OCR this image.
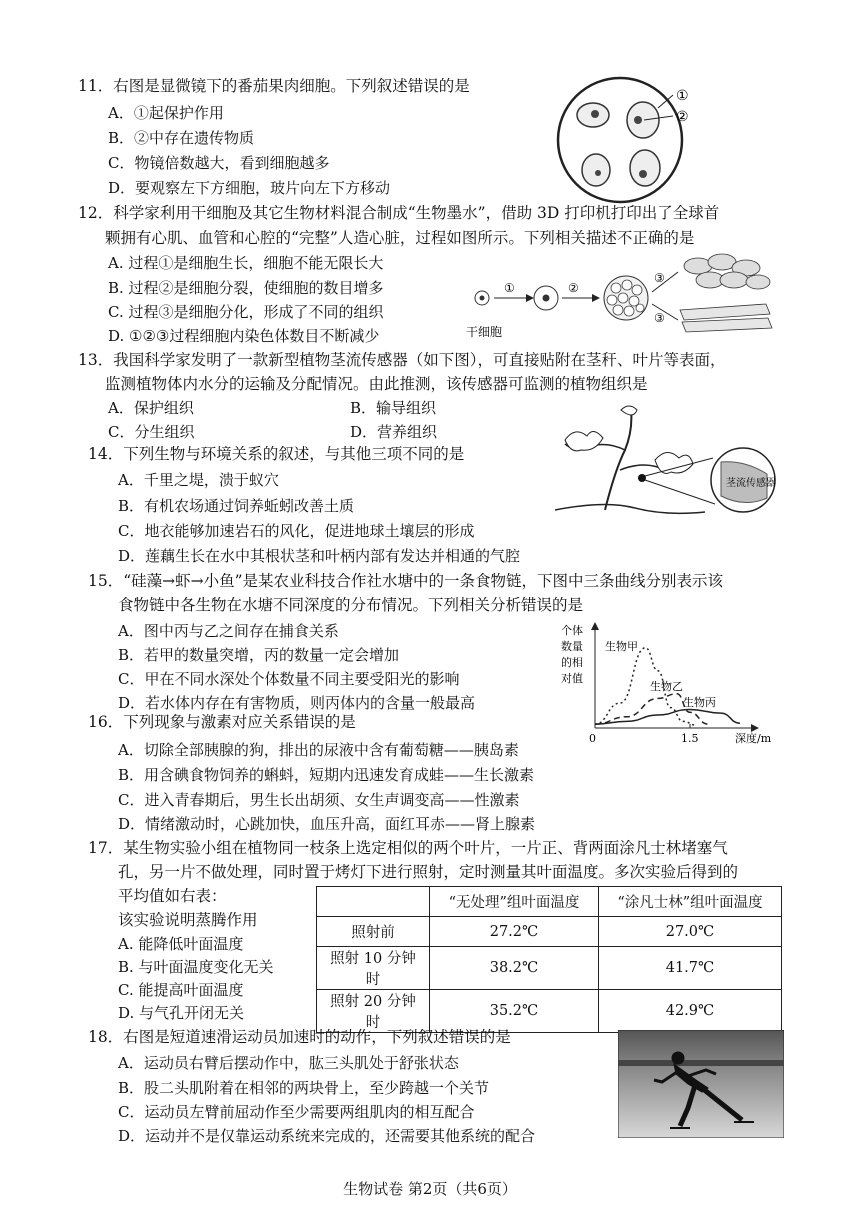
11．右图是显微镜下的番茄果肉细胞。下列叙述错误的是
A．①起保护作用
B．②中存在遗传物质
C．物镜倍数越大，看到细胞越多
D．要观察左下方细胞，玻片向左下方移动
①
②
12．科学家利用干细胞及其它生物材料混合制成“生物墨水”，借助 3D 打印机打印出了全球首
颗拥有心肌、血管和心腔的“完整”人造心脏，过程如图所示。下列相关描述不正确的是
A. 过程①是细胞生长，细胞不能无限长大
B. 过程②是细胞分裂，使细胞的数目增多
C. 过程③是细胞分化，形成了不同的组织
D. ①②③过程细胞内染色体数目不断减少
①	②
③
③
干细胞
13．我国科学家发明了一款新型植物茎流传感器（如下图），可直接贴附在茎秆、叶片等表面，
监测植物体内水分的运输及分配情况。由此推测，该传感器可监测的植物组织是
A．保护组织	B．输导组织
C．分生组织	D．营养组织
茎流传感器
14．下列生物与环境关系的叙述，与其他三项不同的是
A．千里之堤，溃于蚁穴
B．有机农场通过饲养蚯蚓改善土质
C．地衣能够加速岩石的风化，促进地球土壤层的形成
D．莲藕生长在水中其根状茎和叶柄内部有发达并相通的气腔
15．“硅藻→虾→小鱼”是某农业科技合作社水塘中的一条食物链，下图中三条曲线分别表示该
食物链中各生物在水塘不同深度的分布情况。下列相关分析错误的是
A．图中丙与乙之间存在捕食关系
B．若甲的数量突增，丙的数量一定会增加
C．甲在不同水深处个体数量不同主要受阳光的影响
D．若水体内存在有害物质，则丙体内的含量一般最高
个体
数量
的相
对值
0	1.5	深度/m
生物甲
生物乙
生物丙
16．下列现象与激素对应关系错误的是
A．切除全部胰腺的狗，排出的尿液中含有葡萄糖——胰岛素
B．用含碘食物饲养的蝌蚪，短期内迅速发育成蛙——生长激素
C．进入青春期后，男生长出胡须、女生声调变高——性激素
D．情绪激动时，心跳加快，血压升高，面红耳赤——肾上腺素
17．某生物实验小组在植物同一枝条上选定相似的两个叶片，一片正、背两面涂凡士林堵塞气
孔，另一片不做处理，同时置于烤灯下进行照射，定时测量其叶面温度。多次实验后得到的
平均值如右表：
该实验说明蒸腾作用
A. 能降低叶面温度
B. 与叶面温度变化无关
C. 能提高叶面温度
D. 与气孔开闭无关
	“无处理”组叶面温度	“涂凡士林”组叶面温度
照射前	27.2℃	27.0℃
照射 10 分钟时	38.2℃	41.7℃
照射 20 分钟时	35.2℃	42.9℃
18．右图是短道速滑运动员加速时的动作，下列叙述错误的是
A．运动员右臂后摆动作中，肱三头肌处于舒张状态
B．股二头肌附着在相邻的两块骨上，至少跨越一个关节
C．运动员左臂前屈动作至少需要两组肌肉的相互配合
D．运动并不是仅靠运动系统来完成的，还需要其他系统的配合
生物试卷 第2页（共6页）
